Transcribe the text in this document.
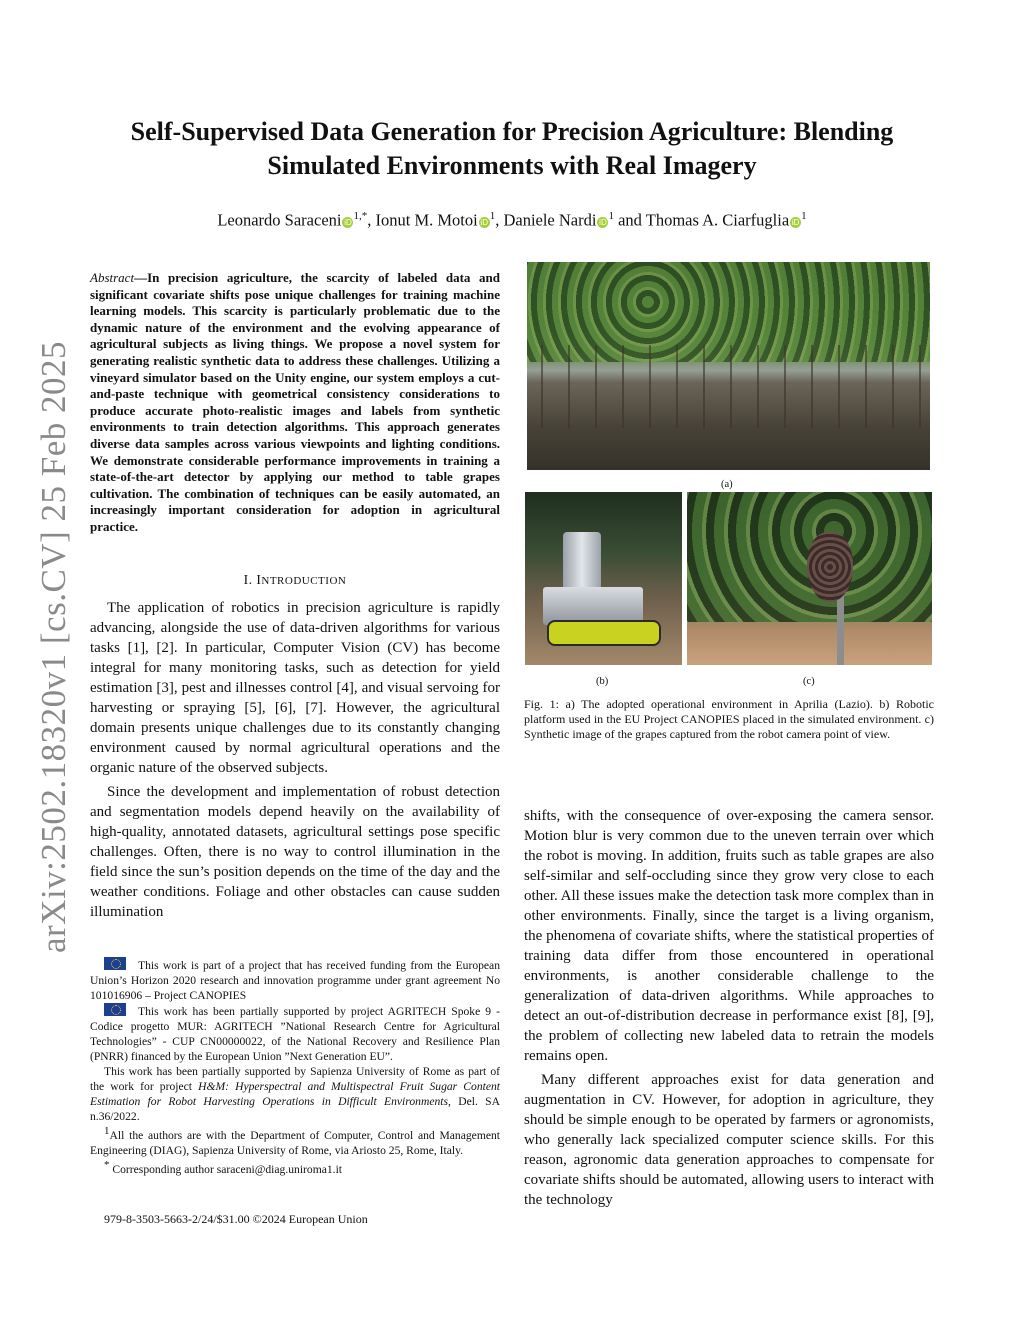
arXiv:2502.18320v1 [cs.CV] 25 Feb 2025
Self-Supervised Data Generation for Precision Agriculture: Blending
Simulated Environments with Real Imagery
Leonardo Saraceni iD $^{1,*}$, Ionut M. Motoi iD $^1$, Daniele Nardi iD $^1$ and Thomas A. Ciarfuglia iD $^1$
Abstract—In precision agriculture, the scarcity of labeled data and significant covariate shifts pose unique challenges for training machine learning models. This scarcity is particularly problematic due to the dynamic nature of the environment and the evolving appearance of agricultural subjects as living things. We propose a novel system for generating realistic synthetic data to address these challenges. Utilizing a vineyard simulator based on the Unity engine, our system employs a cut-and-paste technique with geometrical consistency considerations to produce accurate photo-realistic images and labels from synthetic environments to train detection algorithms. This approach generates diverse data samples across various viewpoints and lighting conditions. We demonstrate considerable performance improvements in training a state-of-the-art detector by applying our method to table grapes cultivation. The combination of techniques can be easily automated, an increasingly important consideration for adoption in agricultural practice.
I. INTRODUCTION

The application of robotics in precision agriculture is rapidly advancing, alongside the use of data-driven algorithms for various tasks [1], [2]. In particular, Computer Vision (CV) has become integral for many monitoring tasks, such as detection for yield estimation [3], pest and illnesses control [4], and visual servoing for harvesting or spraying [5], [6], [7]. However, the agricultural domain presents unique challenges due to its constantly changing environment caused by normal agricultural operations and the organic nature of the observed subjects.

Since the development and implementation of robust detection and segmentation models depend heavily on the availability of high-quality, annotated datasets, agricultural settings pose specific challenges. Often, there is no way to control illumination in the field since the sun’s position depends on the time of the day and the weather conditions. Foliage and other obstacles can cause sudden illumination

This work is part of a project that has received funding from the European Union’s Horizon 2020 research and innovation programme under grant agreement No 101016906 – Project CANOPIES

This work has been partially supported by project AGRITECH Spoke 9 - Codice progetto MUR: AGRITECH ”National Research Centre for Agricultural Technologies” - CUP CN00000022, of the National Recovery and Resilience Plan (PNRR) financed by the European Union ”Next Generation EU”.

This work has been partially supported by Sapienza University of Rome as part of the work for project H&M: Hyperspectral and Multispectral Fruit Sugar Content Estimation for Robot Harvesting Operations in Difficult Environments, Del. SA n.36/2022.

$^1$All the authors are with the Department of Computer, Control and Management Engineering (DIAG), Sapienza University of Rome, via Ariosto 25, Rome, Italy.

* Corresponding author saraceni@diag.uniroma1.it

979-8-3503-5663-2/24/$31.00 ©2024 European Union
(a)
(b)	(c)
Fig. 1: a) The adopted operational environment in Aprilia (Lazio). b) Robotic platform used in the EU Project CANOPIES placed in the simulated environment. c) Synthetic image of the grapes captured from the robot camera point of view.

shifts, with the consequence of over-exposing the camera sensor. Motion blur is very common due to the uneven terrain over which the robot is moving. In addition, fruits such as table grapes are also self-similar and self-occluding since they grow very close to each other. All these issues make the detection task more complex than in other environments. Finally, since the target is a living organism, the phenomena of covariate shifts, where the statistical properties of training data differ from those encountered in operational environments, is another considerable challenge to the generalization of data-driven algorithms. While approaches to detect an out-of-distribution decrease in performance exist [8], [9], the problem of collecting new labeled data to retrain the models remains open.

Many different approaches exist for data generation and augmentation in CV. However, for adoption in agriculture, they should be simple enough to be operated by farmers or agronomists, who generally lack specialized computer science skills. For this reason, agronomic data generation approaches to compensate for covariate shifts should be automated, allowing users to interact with the technology
